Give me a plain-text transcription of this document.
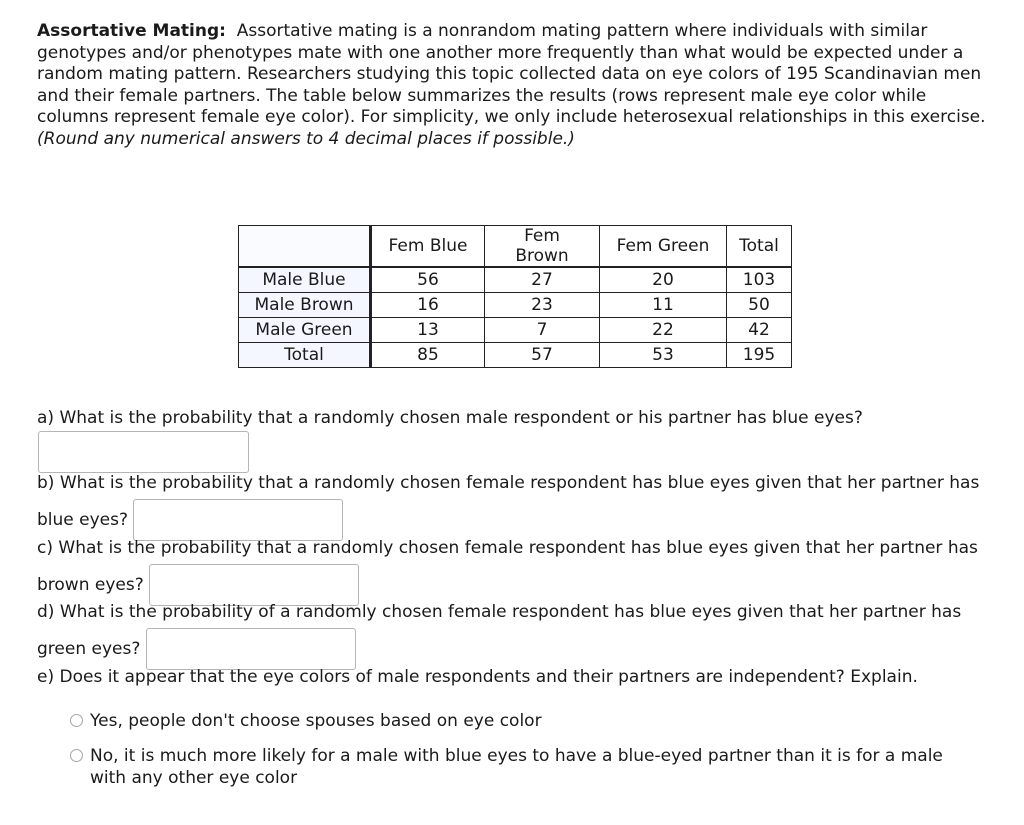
Assortative Mating: Assortative mating is a nonrandom mating pattern where individuals with similar genotypes and/or phenotypes mate with one another more frequently than what would be expected under a random mating pattern. Researchers studying this topic collected data on eye colors of 195 Scandinavian men and their female partners. The table below summarizes the results (rows represent male eye color while columns represent female eye color). For simplicity, we only include heterosexual relationships in this exercise.
(Round any numerical answers to 4 decimal places if possible.)
	Fem Blue	Fem Brown	Fem Green	Total
Male Blue	56	27	20	103
Male Brown	16	23	11	50
Male Green	13	7	22	42
Total	85	57	53	195
a) What is the probability that a randomly chosen male respondent or his partner has blue eyes?
b) What is the probability that a randomly chosen female respondent has blue eyes given that her partner has
blue eyes?
c) What is the probability that a randomly chosen female respondent has blue eyes given that her partner has
brown eyes?
d) What is the probability of a randomly chosen female respondent has blue eyes given that her partner has
green eyes?
e) Does it appear that the eye colors of male respondents and their partners are independent? Explain.
Yes, people don't choose spouses based on eye color
No, it is much more likely for a male with blue eyes to have a blue-eyed partner than it is for a male with any other eye color
